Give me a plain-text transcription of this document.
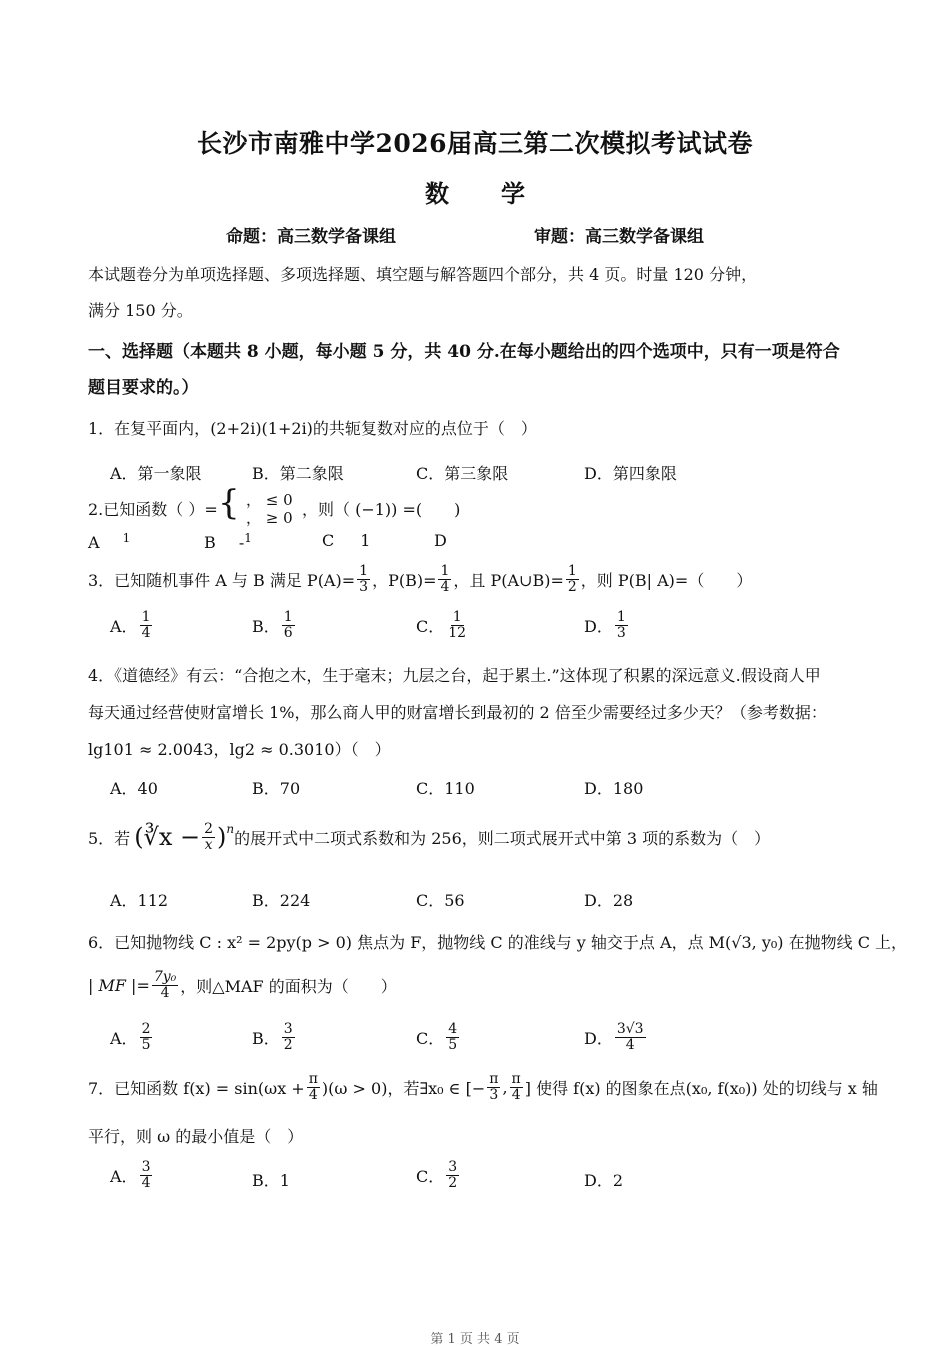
长沙市南雅中学2026届高三第二次模拟考试试卷
数 学
命题：高三数学备课组	审题：高三数学备课组
本试题卷分为单项选择题、多项选择题、填空题与解答题四个部分，共 4 页。时量 120 分钟，
满分 150 分。
一、选择题（本题共 8 小题，每小题 5 分，共 40 分.在每小题给出的四个选项中，只有一项是符合
题目要求的。）
1．在复平面内，(2+2i)(1+2i)的共轭复数对应的点位于（　）
A．第一象限	B．第二象限	C．第三象限	D．第四象限
2.已知函数（ ）= { ， ≤ 0
， ≥ 0 ，则（ (−1)) =(　　)
A $^1$	B -$^1$	C 1	D
3．已知随机事件 A 与 B 满足 $P(A)= \frac{1}{3}$ ，$P(B)= \frac{1}{4}$ ，且 P(A∪B)= $\frac{1}{2}$ ，则 P(B| A)=（　　）
A． $\frac{1}{4}$	B． $\frac{1}{6}$	C． $\frac{1}{12}$	D． $\frac{1}{3}$
4．《道德经》有云：“合抱之木，生于毫末；九层之台，起于累土.”这体现了积累的深远意义.假设商人甲
每天通过经营使财富增长 1%，那么商人甲的财富增长到最初的 2 倍至少需要经过多少天？（参考数据：
lg101 ≈ 2.0043，lg2 ≈ 0.3010）（　）
A．40	B．70	C．110	D．180
5．若 (∛x − $\frac{2}{x}$ ) n 的展开式中二项式系数和为 256，则二项式展开式中第 3 项的系数为（　）
A．112	B．224	C．56	D．28
6．已知抛物线 C : x² = 2py(p > 0) 焦点为 F，抛物线 C 的准线与 y 轴交于点 A，点 M(√3, y₀) 在抛物线 C 上，
| MF |= $\frac{\text{7y₀}}{4}$ ，则△MAF 的面积为（　　）
A． $\frac{2}{5}$	B． $\frac{3}{2}$	C． $\frac{4}{5}$	D． $\frac{3√3}{4}$
7．已知函数 $f(x) = \sin(\omega x + \frac{\pi}{4} )(\omega > 0)$，若∃x₀ ∈ [− $\frac{\pi}{3}$ , $\frac{\pi}{4}$ ] 使得 f(x) 的图象在点(x₀, f(x₀)) 处的切线与 x 轴
平行，则 ω 的最小值是（　）
A． $\frac{3}{4}$	B．1	C． $\frac{3}{2}$	D．2
第 1 页 共 4 页
